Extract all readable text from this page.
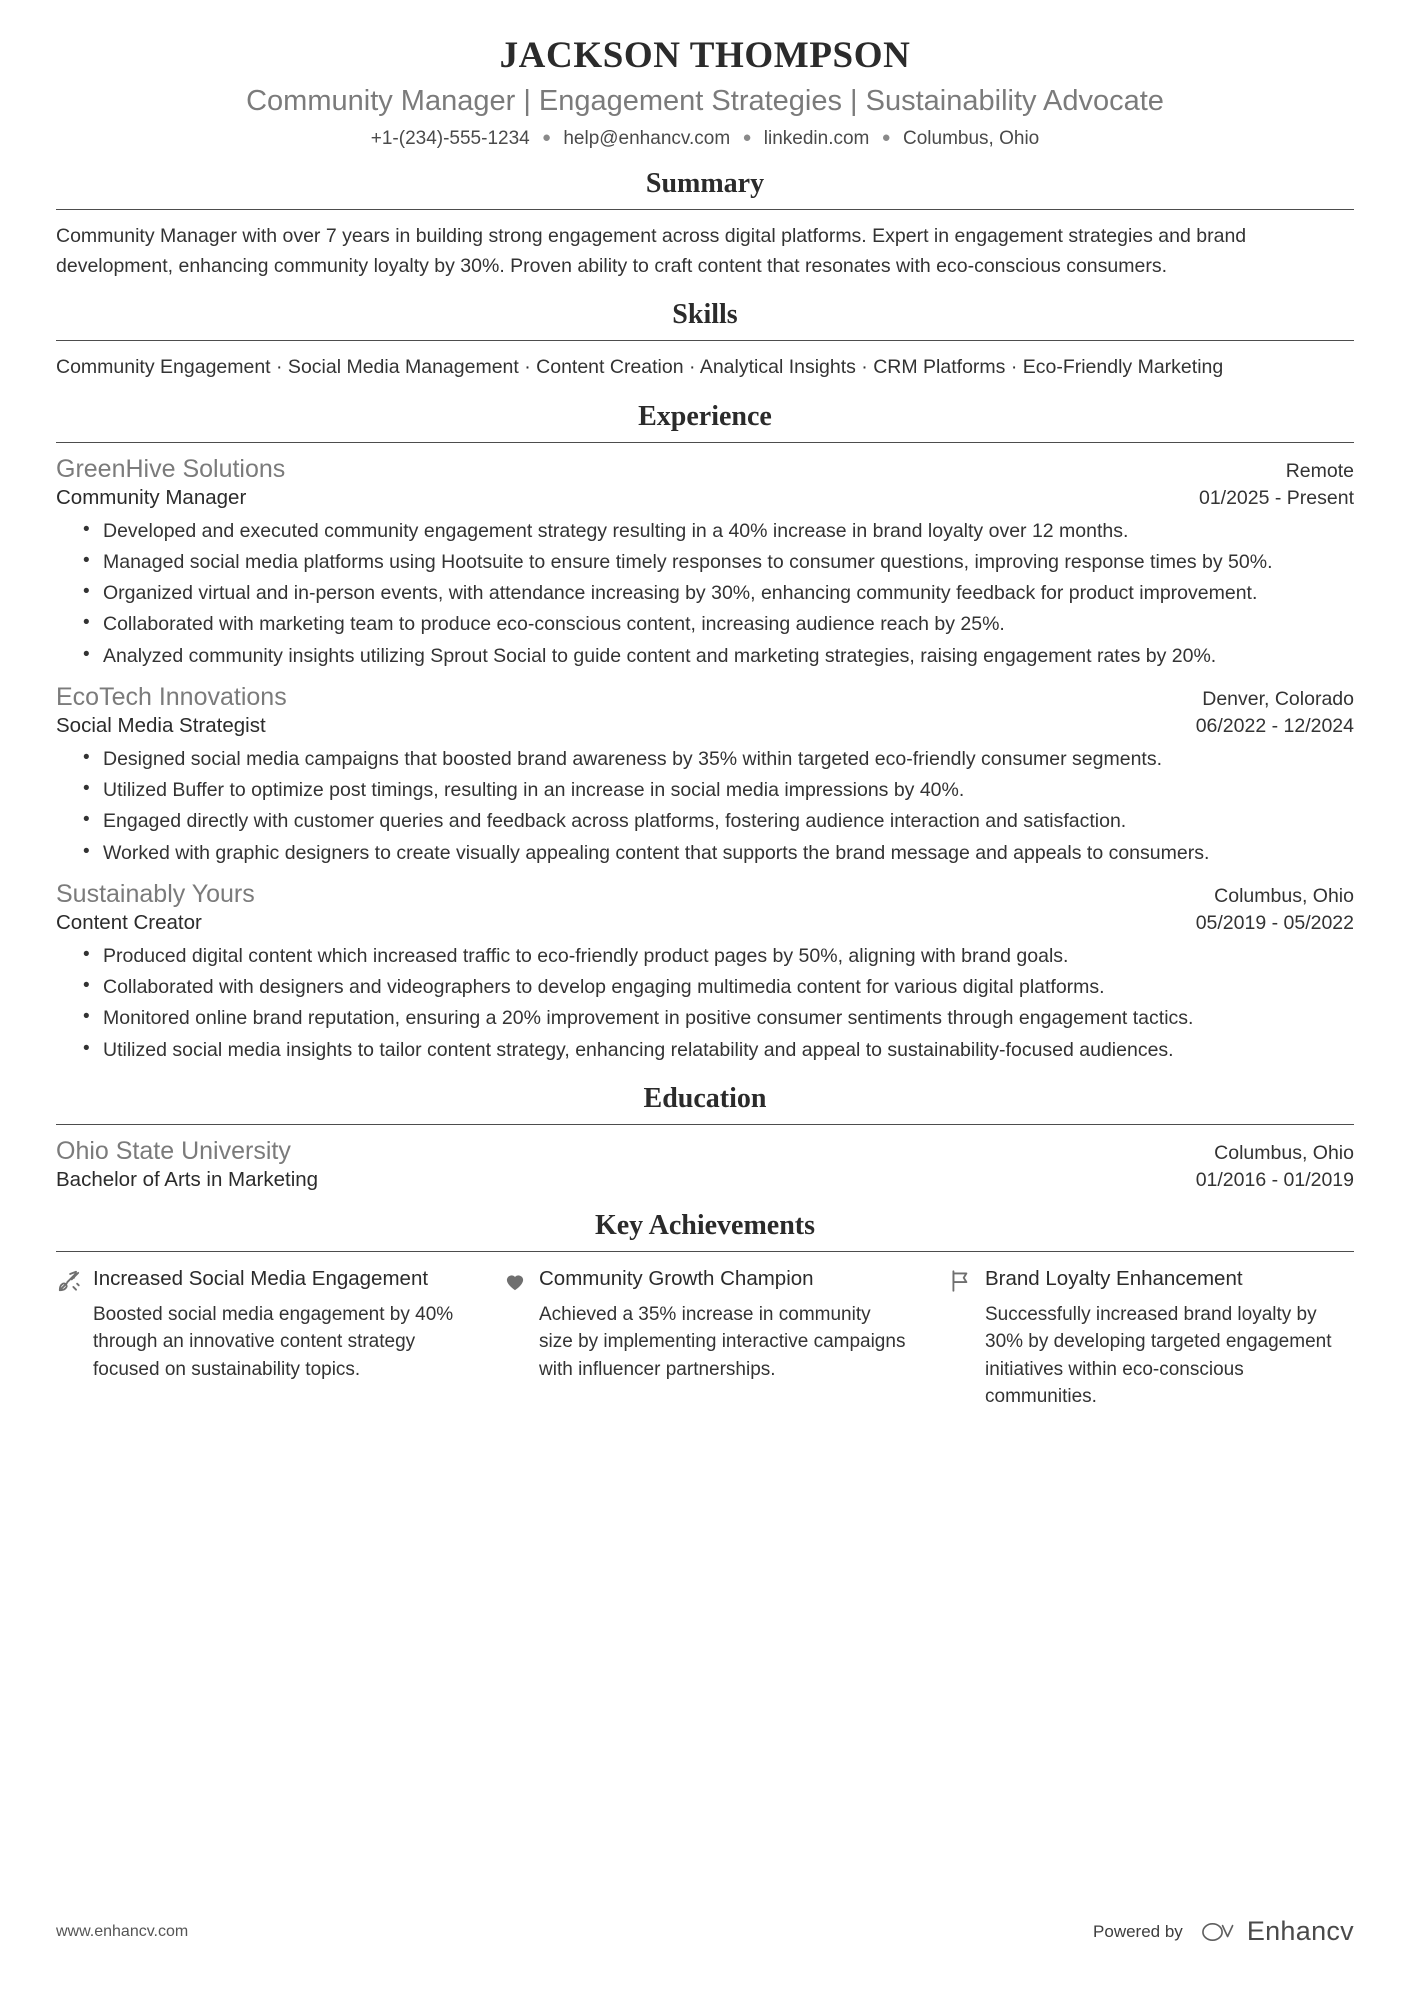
JACKSON THOMPSON
Community Manager | Engagement Strategies | Sustainability Advocate
+1-(234)-555-1234 ● help@enhancv.com ● linkedin.com ● Columbus, Ohio
Summary
Community Manager with over 7 years in building strong engagement across digital platforms. Expert in engagement strategies and brand development, enhancing community loyalty by 30%. Proven ability to craft content that resonates with eco-conscious consumers.
Skills
Community Engagement · Social Media Management · Content Creation · Analytical Insights · CRM Platforms · Eco-Friendly Marketing
Experience
GreenHive Solutions	Remote
Community Manager	01/2025 - Present
• Developed and executed community engagement strategy resulting in a 40% increase in brand loyalty over 12 months.
• Managed social media platforms using Hootsuite to ensure timely responses to consumer questions, improving response times by 50%.
• Organized virtual and in-person events, with attendance increasing by 30%, enhancing community feedback for product improvement.
• Collaborated with marketing team to produce eco-conscious content, increasing audience reach by 25%.
• Analyzed community insights utilizing Sprout Social to guide content and marketing strategies, raising engagement rates by 20%.
EcoTech Innovations	Denver, Colorado
Social Media Strategist	06/2022 - 12/2024
• Designed social media campaigns that boosted brand awareness by 35% within targeted eco-friendly consumer segments.
• Utilized Buffer to optimize post timings, resulting in an increase in social media impressions by 40%.
• Engaged directly with customer queries and feedback across platforms, fostering audience interaction and satisfaction.
• Worked with graphic designers to create visually appealing content that supports the brand message and appeals to consumers.
Sustainably Yours	Columbus, Ohio
Content Creator	05/2019 - 05/2022
• Produced digital content which increased traffic to eco-friendly product pages by 50%, aligning with brand goals.
• Collaborated with designers and videographers to develop engaging multimedia content for various digital platforms.
• Monitored online brand reputation, ensuring a 20% improvement in positive consumer sentiments through engagement tactics.
• Utilized social media insights to tailor content strategy, enhancing relatability and appeal to sustainability-focused audiences.
Education
Ohio State University	Columbus, Ohio
Bachelor of Arts in Marketing	01/2016 - 01/2019
Key Achievements
Increased Social Media Engagement
Boosted social media engagement by 40% through an innovative content strategy focused on sustainability topics.
Community Growth Champion
Achieved a 35% increase in community size by implementing interactive campaigns with influencer partnerships.
Brand Loyalty Enhancement
Successfully increased brand loyalty by 30% by developing targeted engagement initiatives within eco-conscious communities.
www.enhancv.com	Powered by Enhancv
